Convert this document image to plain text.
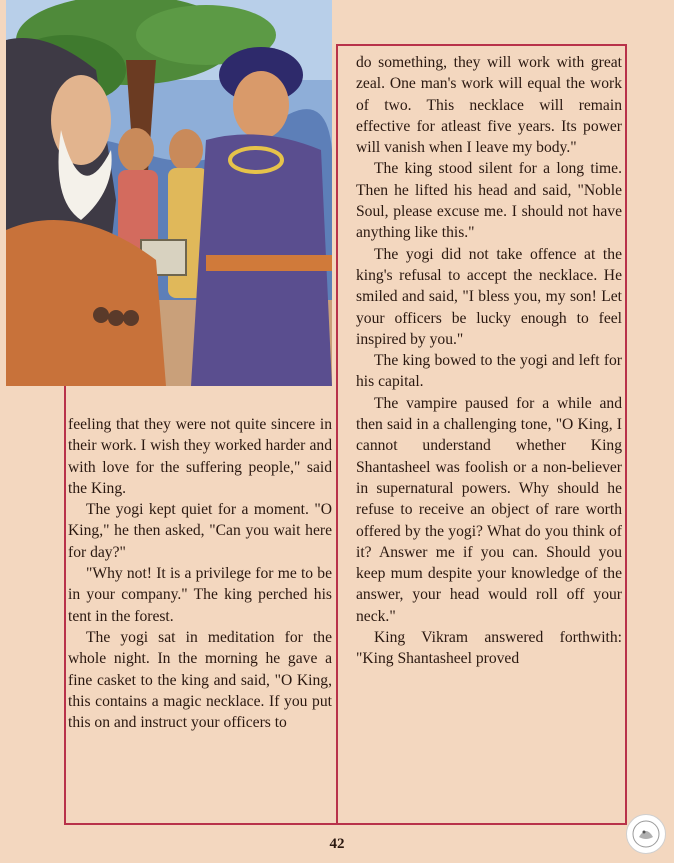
feeling that they were not quite sincere in their work. I wish they worked harder and with love for the suffering people," said the King.

The yogi kept quiet for a moment. "O King," he then asked, "Can you wait here for day?"

"Why not! It is a privilege for me to be in your company." The king perched his tent in the forest.

The yogi sat in meditation for the whole night. In the morning he gave a fine casket to the king and said, "O King, this contains a magic necklace. If you put this on and instruct your officers to

do something, they will work with great zeal. One man's work will equal the work of two. This necklace will remain effective for atleast five years. Its power will vanish when I leave my body."

The king stood silent for a long time. Then he lifted his head and said, "Noble Soul, please excuse me. I should not have anything like this."

The yogi did not take offence at the king's refusal to accept the necklace. He smiled and said, "I bless you, my son! Let your officers be lucky enough to feel inspired by you."

The king bowed to the yogi and left for his capital.

The vampire paused for a while and then said in a challenging tone, "O King, I cannot understand whether King Shantasheel was foolish or a non-believer in supernatural powers. Why should he refuse to receive an object of rare worth offered by the yogi? What do you think of it? Answer me if you can. Should you keep mum despite your knowledge of the answer, your head would roll off your neck."

King Vikram answered forthwith: "King Shantasheel proved

42
